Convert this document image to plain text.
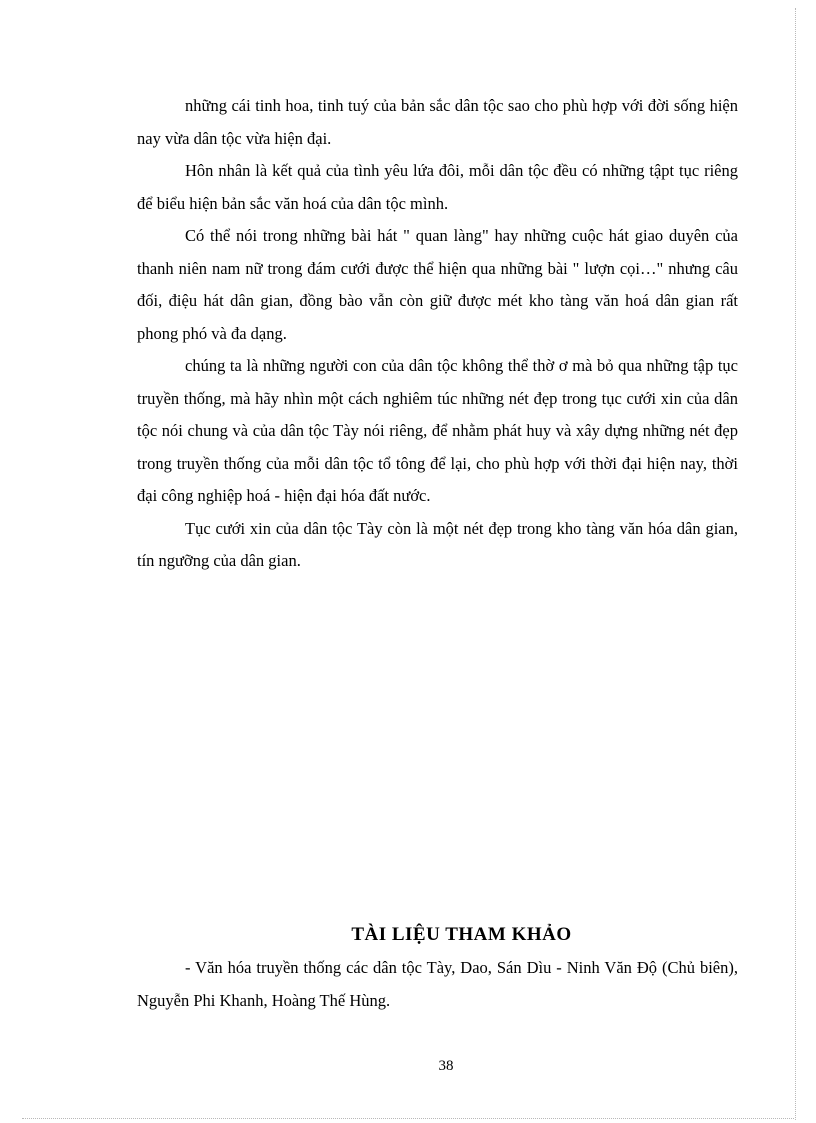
những cái tinh hoa, tinh tuý của bản sắc dân tộc sao cho phù hợp với đời sống hiện nay vừa dân tộc vừa hiện đại.

Hôn nhân là kết quả của tình yêu lứa đôi, mỗi dân tộc đều có những tậpt tục riêng để biểu hiện bản sắc văn hoá của dân tộc mình.

Có thể nói trong những bài hát " quan làng" hay những cuộc hát giao duyên của thanh niên nam nữ trong đám cưới được thể hiện qua những bài " lượn cọi…" nhưng câu đối, điệu hát dân gian, đồng bào vẫn còn giữ được mét kho tàng văn hoá dân gian rất phong phó và đa dạng.

chúng ta là những người con của dân tộc không thể thờ ơ mà bỏ qua những tập tục truyền thống, mà hãy nhìn một cách nghiêm túc những nét đẹp trong tục cưới xin của dân tộc nói chung và của dân tộc Tày nói riêng, để nhằm phát huy và xây dựng những nét đẹp trong truyền thống của mỗi dân tộc tổ tông để lại, cho phù hợp với thời đại hiện nay, thời đại công nghiệp hoá - hiện đại hóa đất nước.

Tục cưới xin của dân tộc Tày còn là một nét đẹp trong kho tàng văn hóa dân gian, tín ngưỡng của dân gian.

TÀI LIỆU THAM KHẢO

- Văn hóa truyền thống các dân tộc Tày, Dao, Sán Dìu - Ninh Văn Độ (Chủ biên), Nguyễn Phi Khanh, Hoàng Thế Hùng.

38
